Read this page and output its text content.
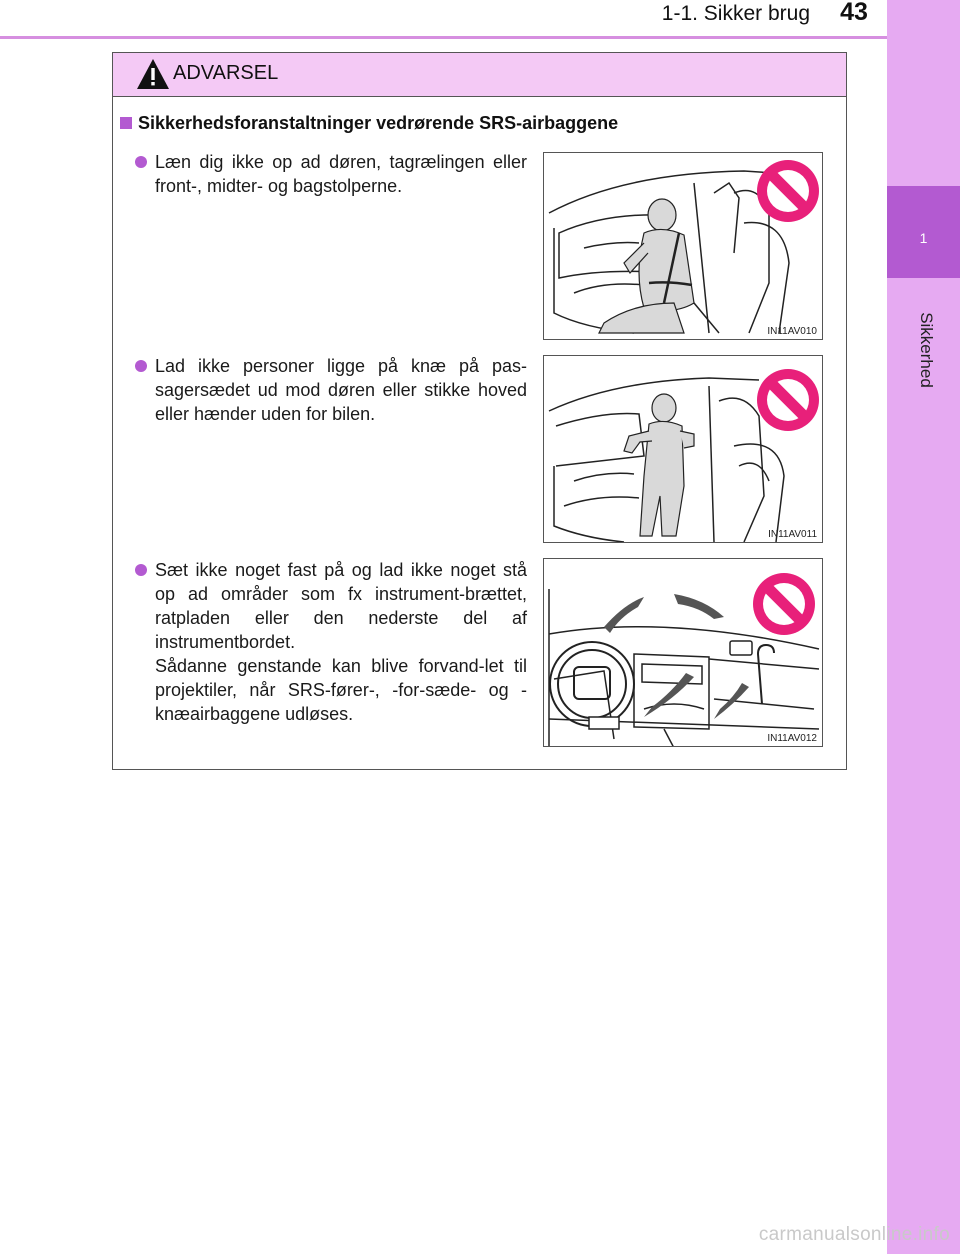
1-1. Sikker brug	43
1
Sikkerhed
ADVARSEL
Sikkerhedsforanstaltninger vedrørende SRS-airbaggene
Læn dig ikke op ad døren, tagrælingen eller front-, midter- og bagstolperne.
IN11AV010
Lad ikke personer ligge på knæ på pas-sagersædet ud mod døren eller stikke hoved eller hænder uden for bilen.
IN11AV011
Sæt ikke noget fast på og lad ikke noget stå op ad områder som fx instrument-brættet, ratpladen eller den nederste del af instrumentbordet.
Sådanne genstande kan blive forvand-let til projektiler, når SRS-fører-, -for-sæde- og -knæairbaggene udløses.
IN11AV012
carmanualsonline.info
